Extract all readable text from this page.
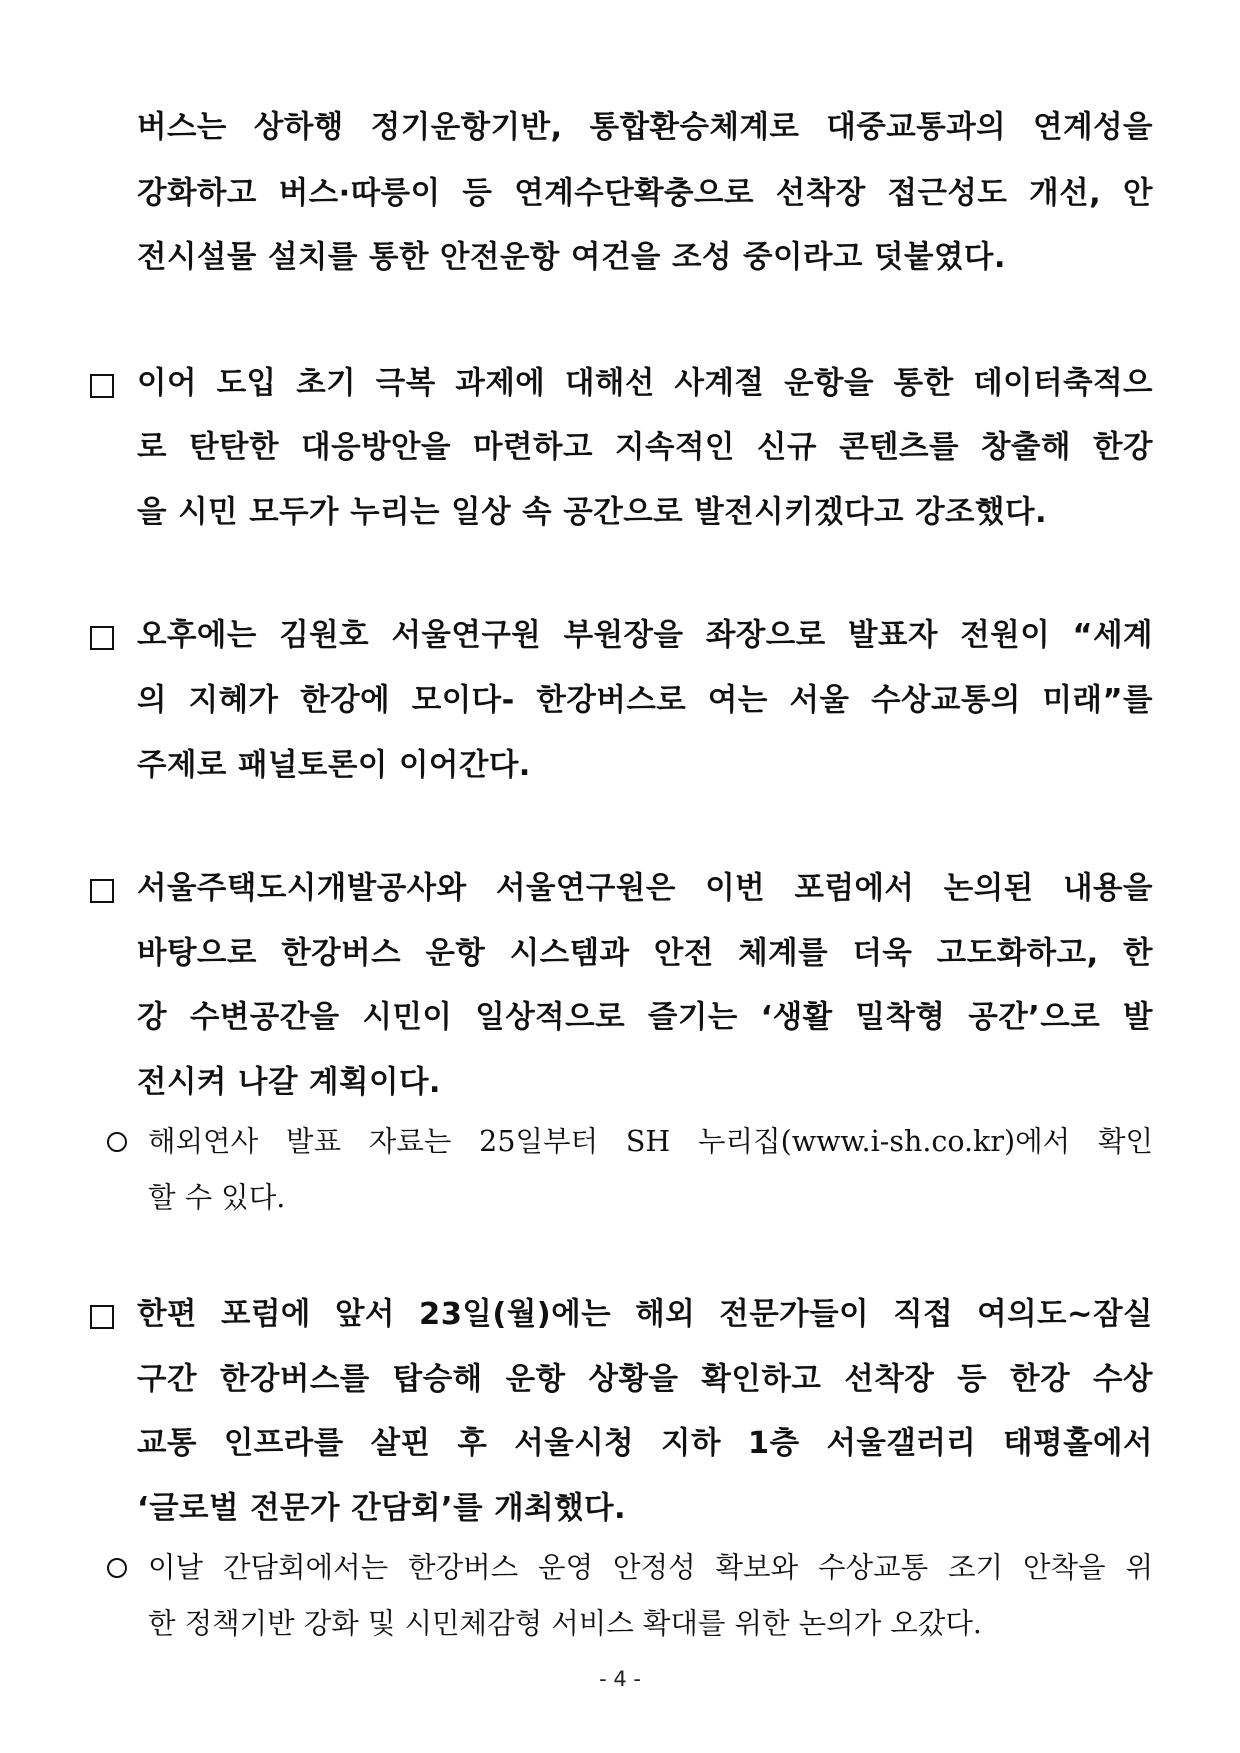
버스는 상하행 정기운항기반, 통합환승체계로 대중교통과의 연계성을
강화하고 버스·따릉이 등 연계수단확충으로 선착장 접근성도 개선, 안
전시설물 설치를 통한 안전운항 여건을 조성 중이라고 덧붙였다.
이어 도입 초기 극복 과제에 대해선 사계절 운항을 통한 데이터축적으
로 탄탄한 대응방안을 마련하고 지속적인 신규 콘텐츠를 창출해 한강
을 시민 모두가 누리는 일상 속 공간으로 발전시키겠다고 강조했다.
오후에는 김원호 서울연구원 부원장을 좌장으로 발표자 전원이 “세계
의 지혜가 한강에 모이다- 한강버스로 여는 서울 수상교통의 미래”를
주제로 패널토론이 이어간다.
서울주택도시개발공사와 서울연구원은 이번 포럼에서 논의된 내용을
바탕으로 한강버스 운항 시스템과 안전 체계를 더욱 고도화하고, 한
강 수변공간을 시민이 일상적으로 즐기는 ‘생활 밀착형 공간’으로 발
전시켜 나갈 계획이다.
해외연사 발표 자료는 25일부터 SH 누리집(www.i-sh.co.kr)에서 확인
할 수 있다.
한편 포럼에 앞서 23일(월)에는 해외 전문가들이 직접 여의도~잠실
구간 한강버스를 탑승해 운항 상황을 확인하고 선착장 등 한강 수상
교통 인프라를 살핀 후 서울시청 지하 1층 서울갤러리 태평홀에서
‘글로벌 전문가 간담회’를 개최했다.
이날 간담회에서는 한강버스 운영 안정성 확보와 수상교통 조기 안착을 위
한 정책기반 강화 및 시민체감형 서비스 확대를 위한 논의가 오갔다.
- 4 -
